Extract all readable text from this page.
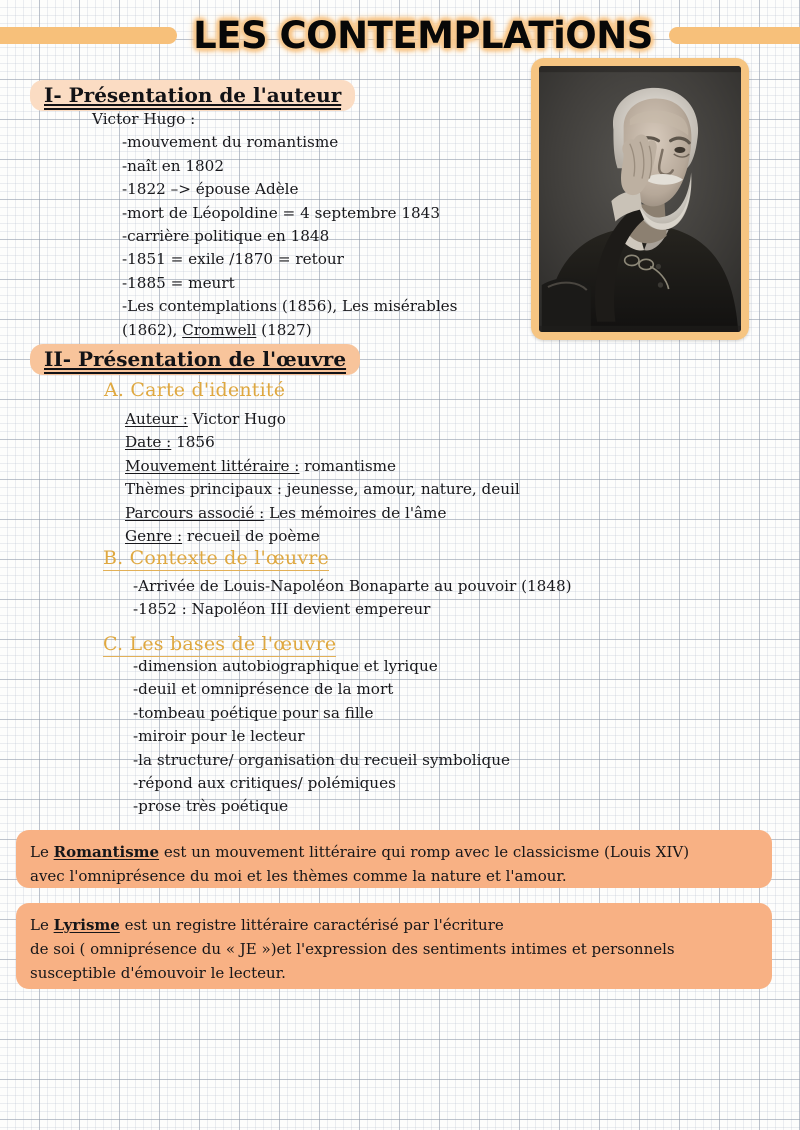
LES CONTEMPLATiONS
I- Présentation de l'auteur
Victor Hugo :
-mouvement du romantisme
-naît en 1802
-1822 –> épouse Adèle
-mort de Léopoldine = 4 septembre 1843
-carrière politique en 1848
-1851 = exile /1870 = retour
-1885 = meurt
-Les contemplations (1856), Les misérables
(1862), Cromwell (1827)
II- Présentation de l'œuvre
A. Carte d'identité
Auteur : Victor Hugo
Date : 1856
Mouvement littéraire : romantisme
Thèmes principaux : jeunesse, amour, nature, deuil
Parcours associé : Les mémoires de l'âme
Genre : recueil de poème
B. Contexte de l'œuvre
-Arrivée de Louis-Napoléon Bonaparte au pouvoir (1848)
-1852 : Napoléon III devient empereur
C. Les bases de l'œuvre
-dimension autobiographique et lyrique
-deuil et omniprésence de la mort
-tombeau poétique pour sa fille
-miroir pour le lecteur
-la structure/ organisation du recueil symbolique
-répond aux critiques/ polémiques
-prose très poétique
Le Romantisme est un mouvement littéraire qui romp avec le classicisme (Louis XIV)
avec l'omniprésence du moi et les thèmes comme la nature et l'amour.
Le Lyrisme est un registre littéraire caractérisé par l'écriture
de soi ( omniprésence du « JE »)et l'expression des sentiments intimes et personnels
susceptible d'émouvoir le lecteur.
